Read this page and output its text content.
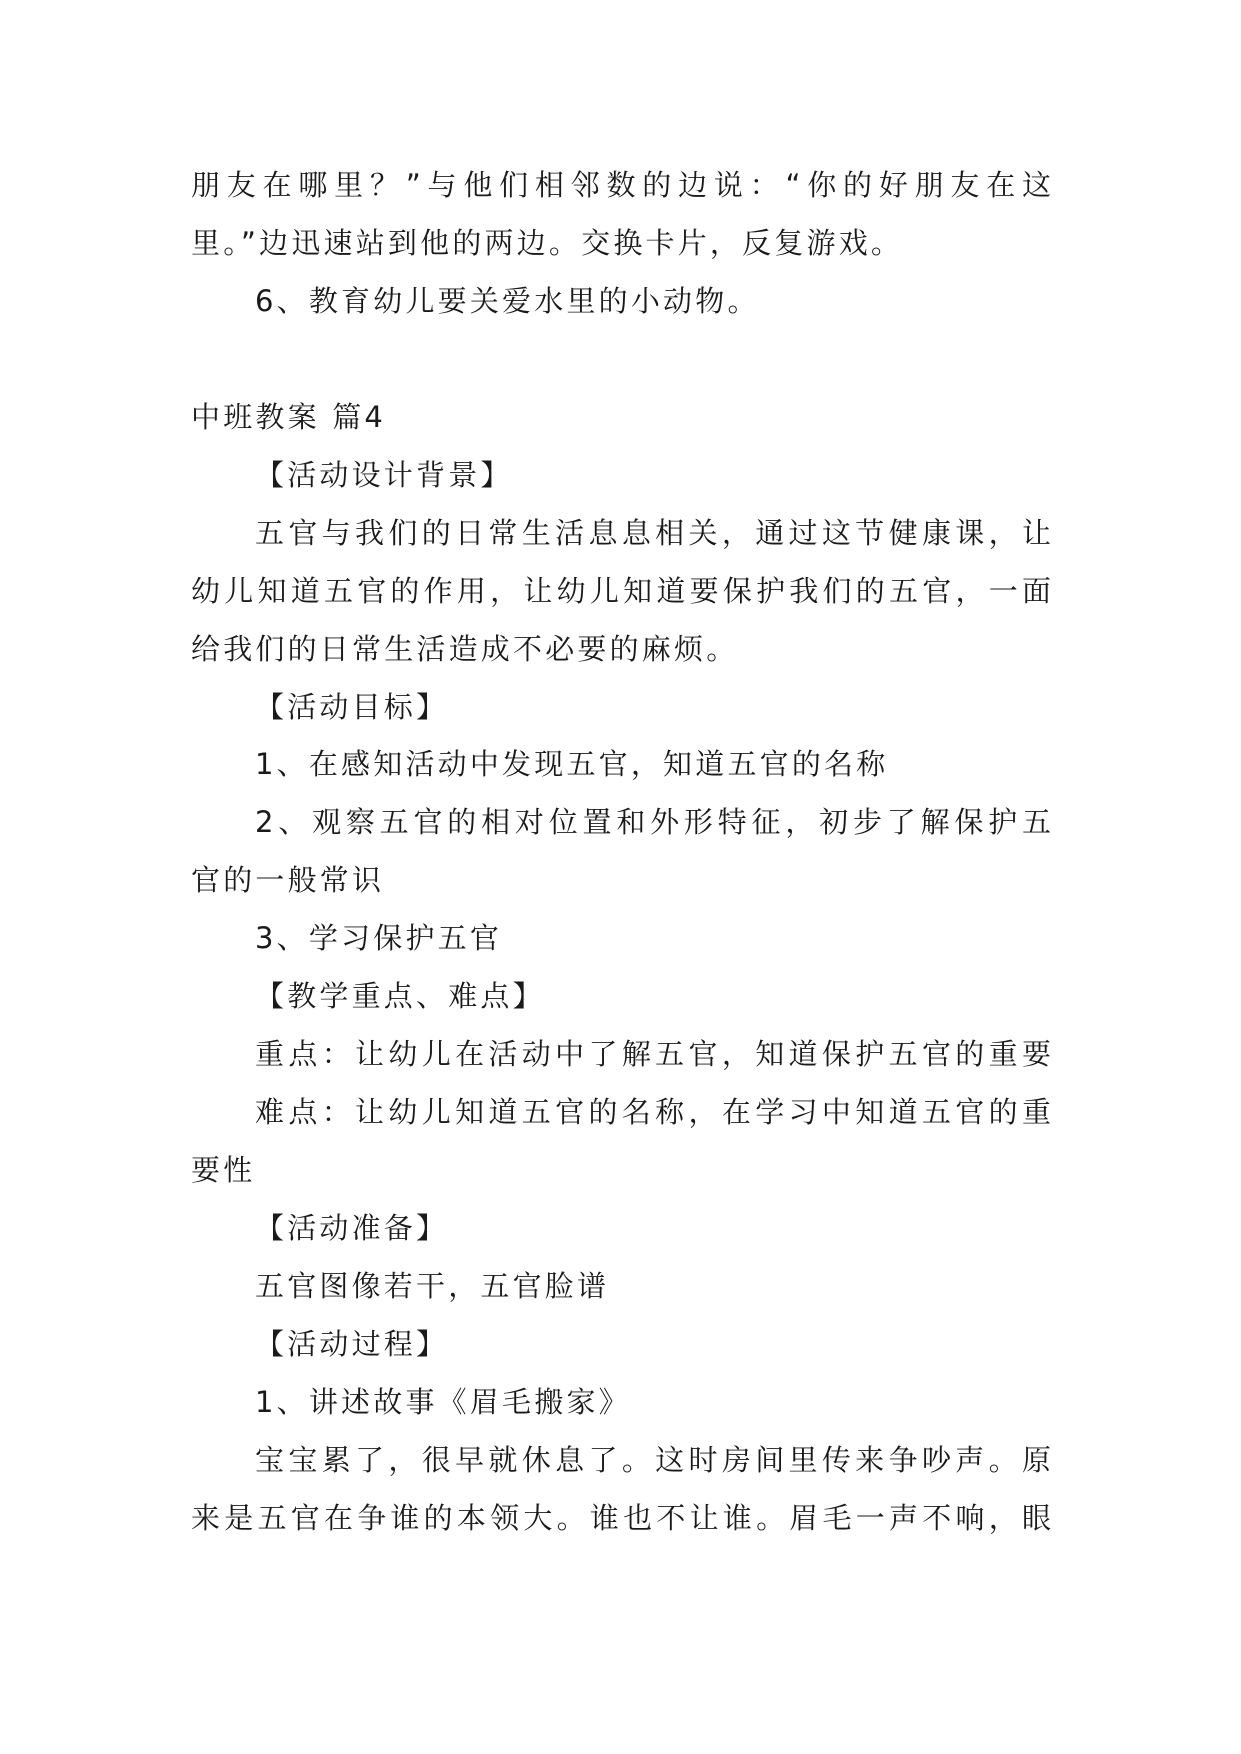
朋友在哪里？”与他们相邻数的边说：“你的好朋友在这
里。”边迅速站到他的两边。交换卡片，反复游戏。
6、教育幼儿要关爱水里的小动物。
中班教案 篇4
【活动设计背景】
五官与我们的日常生活息息相关，通过这节健康课，让
幼儿知道五官的作用，让幼儿知道要保护我们的五官，一面
给我们的日常生活造成不必要的麻烦。
【活动目标】
1、在感知活动中发现五官，知道五官的名称
2、观察五官的相对位置和外形特征，初步了解保护五
官的一般常识
3、学习保护五官
【教学重点、难点】
重点：让幼儿在活动中了解五官，知道保护五官的重要
难点：让幼儿知道五官的名称，在学习中知道五官的重
要性
【活动准备】
五官图像若干，五官脸谱
【活动过程】
1、讲述故事《眉毛搬家》
宝宝累了，很早就休息了。这时房间里传来争吵声。原
来是五官在争谁的本领大。谁也不让谁。眉毛一声不响，眼
